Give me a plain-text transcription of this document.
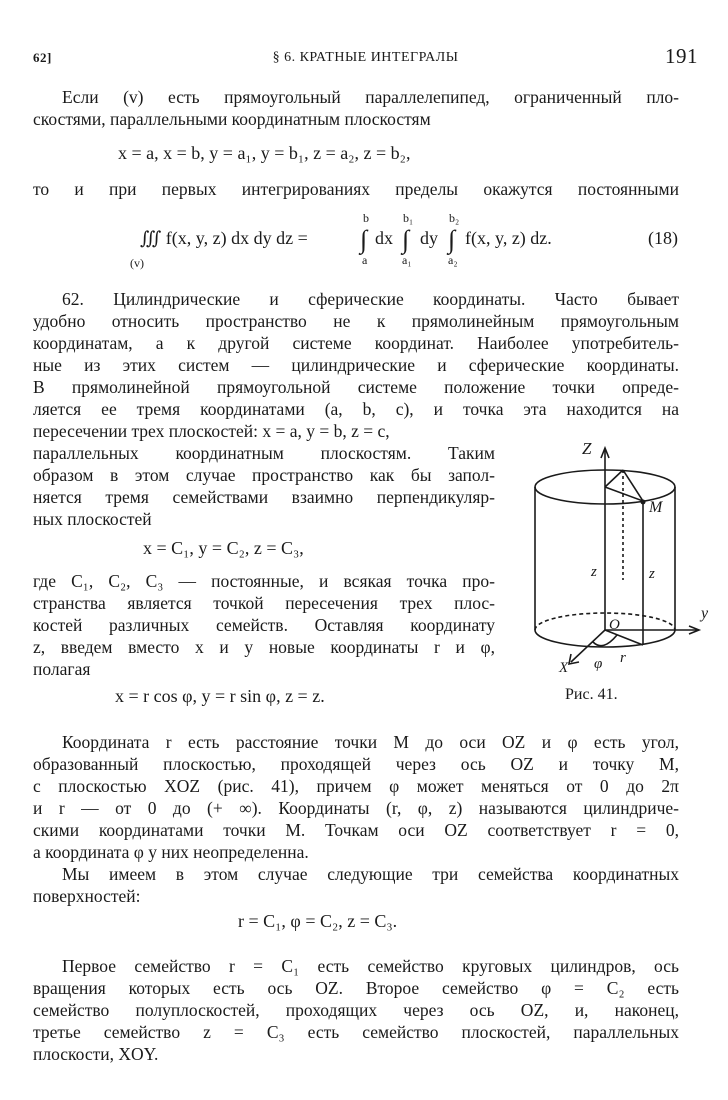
62]	§ 6. КРАТНЫЕ ИНТЕГРАЛЫ	191
Если (v) есть прямоугольный параллелепипед, ограниченный пло-
скостями, параллельными координатным плоскостям
x = a, x = b, y = a₁, y = b₁, z = a₂, z = b₂,
то и при первых интегрированиях пределы окажутся постоянными
∭ f(x, y, z) dx dy dz =
(v)
∫
b
a
dx ∫
b₁
a₁
dy ∫
b₂
a₂
f(x, y, z) dz.	(18)
62. Цилиндрические и сферические координаты. Часто бывает
удобно относить пространство не к прямолинейным прямоугольным
координатам, а к другой системе координат. Наиболее употребитель-
ные из этих систем — цилиндрические и сферические координаты.
В прямолинейной прямоугольной системе положение точки опреде-
ляется ее тремя координатами (a, b, c), и точка эта находится на
пересечении трех плоскостей: x = a, y = b, z = c,
параллельных координатным плоскостям. Таким
образом в этом случае пространство как бы запол-
няется тремя семействами взаимно перпендикуляр-
ных плоскостей
x = C₁, y = C₂, z = C₃,
где C₁, C₂, C₃ — постоянные, и всякая точка про-
странства является точкой пересечения трех плос-
костей различных семейств. Оставляя координату
z, введем вместо x и y новые координаты r и φ,
полагая
x = r cos φ, y = r sin φ, z = z.
Z
y
X
O
M
z	z
φ r
Рис. 41.
Координата r есть расстояние точки M до оси OZ и φ есть угол,
образованный плоскостью, проходящей через ось OZ и точку M,
с плоскостью XOZ (рис. 41), причем φ может меняться от 0 до 2π
и r — от 0 до (+ ∞). Координаты (r, φ, z) называются цилиндриче-
скими координатами точки M. Точкам оси OZ соответствует r = 0,
а координата φ у них неопределенна.
Мы имеем в этом случае следующие три семейства координатных
поверхностей:
r = C₁, φ = C₂, z = C₃.
Первое семейство r = C₁ есть семейство круговых цилиндров, ось
вращения которых есть ось OZ. Второе семейство φ = C₂ есть
семейство полуплоскостей, проходящих через ось OZ, и, наконец,
третье семейство z = C₃ есть семейство плоскостей, параллельных
плоскости, XOY.
